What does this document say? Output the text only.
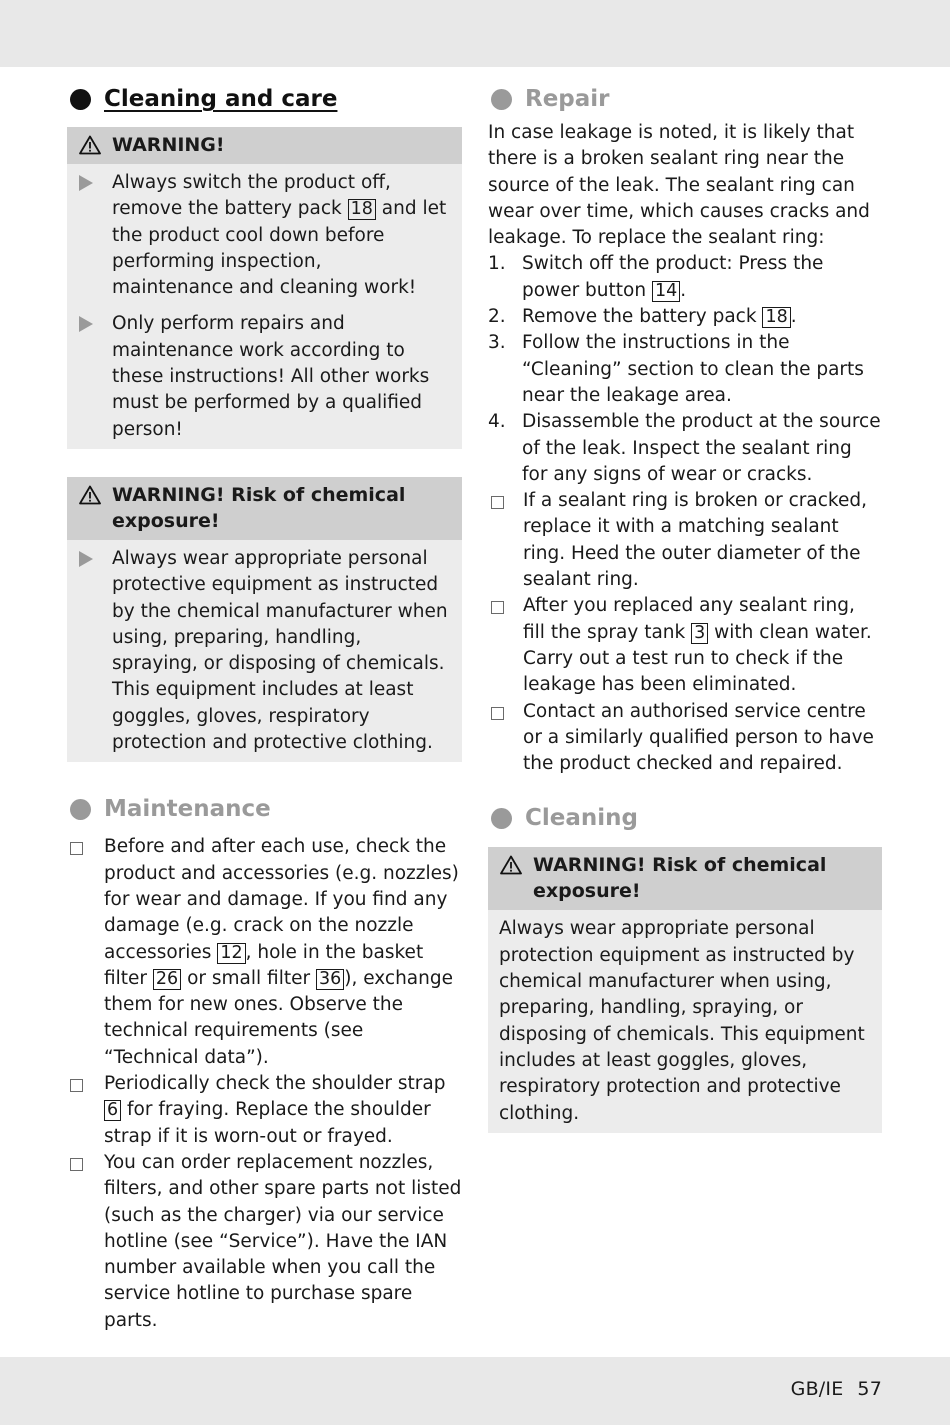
Cleaning and care
WARNING!
Always switch the product off, remove the battery pack 18 and let the product cool down before performing inspection, maintenance and cleaning work!
Only perform repairs and maintenance work according to these instructions! All other works must be performed by a qualified person!
WARNING! Risk of chemical exposure!
Always wear appropriate personal protective equipment as instructed by the chemical manufacturer when using, preparing, handling, spraying, or disposing of chemicals. This equipment includes at least goggles, gloves, respiratory protection and protective clothing.
Maintenance
Before and after each use, check the product and accessories (e.g. nozzles) for wear and damage. If you find any damage (e.g. crack on the nozzle accessories 12 , hole in the basket filter 26 or small filter 36 ), exchange them for new ones. Observe the technical requirements (see “Technical data”).
Periodically check the shoulder strap 6 for fraying. Replace the shoulder strap if it is worn-out or frayed.
You can order replacement nozzles, filters, and other spare parts not listed (such as the charger) via our service hotline (see “Service”). Have the IAN number available when you call the service hotline to purchase spare parts.
Repair
In case leakage is noted, it is likely that there is a broken sealant ring near the source of the leak. The sealant ring can wear over time, which causes cracks and leakage. To replace the sealant ring:
1. Switch off the product: Press the power button 14 .
2. Remove the battery pack 18 .
3. Follow the instructions in the “Cleaning” section to clean the parts near the leakage area.
4. Disassemble the product at the source of the leak. Inspect the sealant ring for any signs of wear or cracks.
If a sealant ring is broken or cracked, replace it with a matching sealant ring. Heed the outer diameter of the sealant ring.
After you replaced any sealant ring, fill the spray tank 3 with clean water. Carry out a test run to check if the leakage has been eliminated.
Contact an authorised service centre or a similarly qualified person to have the product checked and repaired.
Cleaning
WARNING! Risk of chemical exposure!
Always wear appropriate personal protection equipment as instructed by chemical manufacturer when using, preparing, handling, spraying, or disposing of chemicals. This equipment includes at least goggles, gloves, respiratory protection and protective clothing.
GB/IE 57
